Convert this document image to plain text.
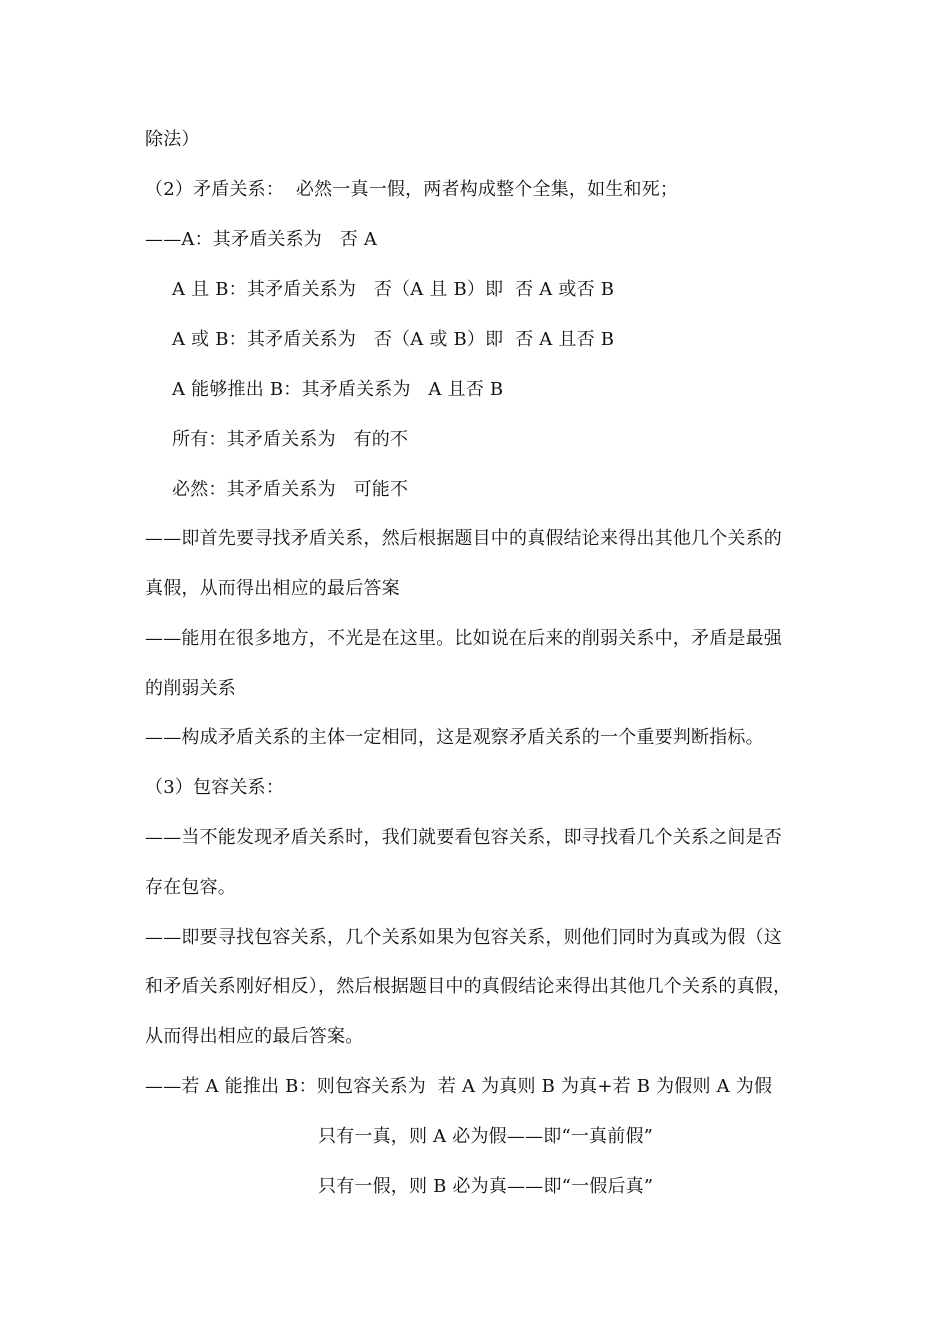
除法）
（2）矛盾关系：  必然一真一假，两者构成整个全集，如生和死；
——A：其矛盾关系为   否 A
A 且 B：其矛盾关系为   否（A 且 B）即  否 A 或否 B
A 或 B：其矛盾关系为   否（A 或 B）即  否 A 且否 B
A 能够推出 B：其矛盾关系为   A 且否 B
所有：其矛盾关系为   有的不
必然：其矛盾关系为   可能不
——即首先要寻找矛盾关系，然后根据题目中的真假结论来得出其他几个关系的
真假，从而得出相应的最后答案
——能用在很多地方，不光是在这里。比如说在后来的削弱关系中，矛盾是最强
的削弱关系
——构成矛盾关系的主体一定相同，这是观察矛盾关系的一个重要判断指标。
（3）包容关系：
——当不能发现矛盾关系时，我们就要看包容关系，即寻找看几个关系之间是否
存在包容。
——即要寻找包容关系，几个关系如果为包容关系，则他们同时为真或为假（这
和矛盾关系刚好相反），然后根据题目中的真假结论来得出其他几个关系的真假，
从而得出相应的最后答案。
——若 A 能推出 B：则包容关系为  若 A 为真则 B 为真+若 B 为假则 A 为假
只有一真，则 A 必为假——即“一真前假”
只有一假，则 B 必为真——即“一假后真”
